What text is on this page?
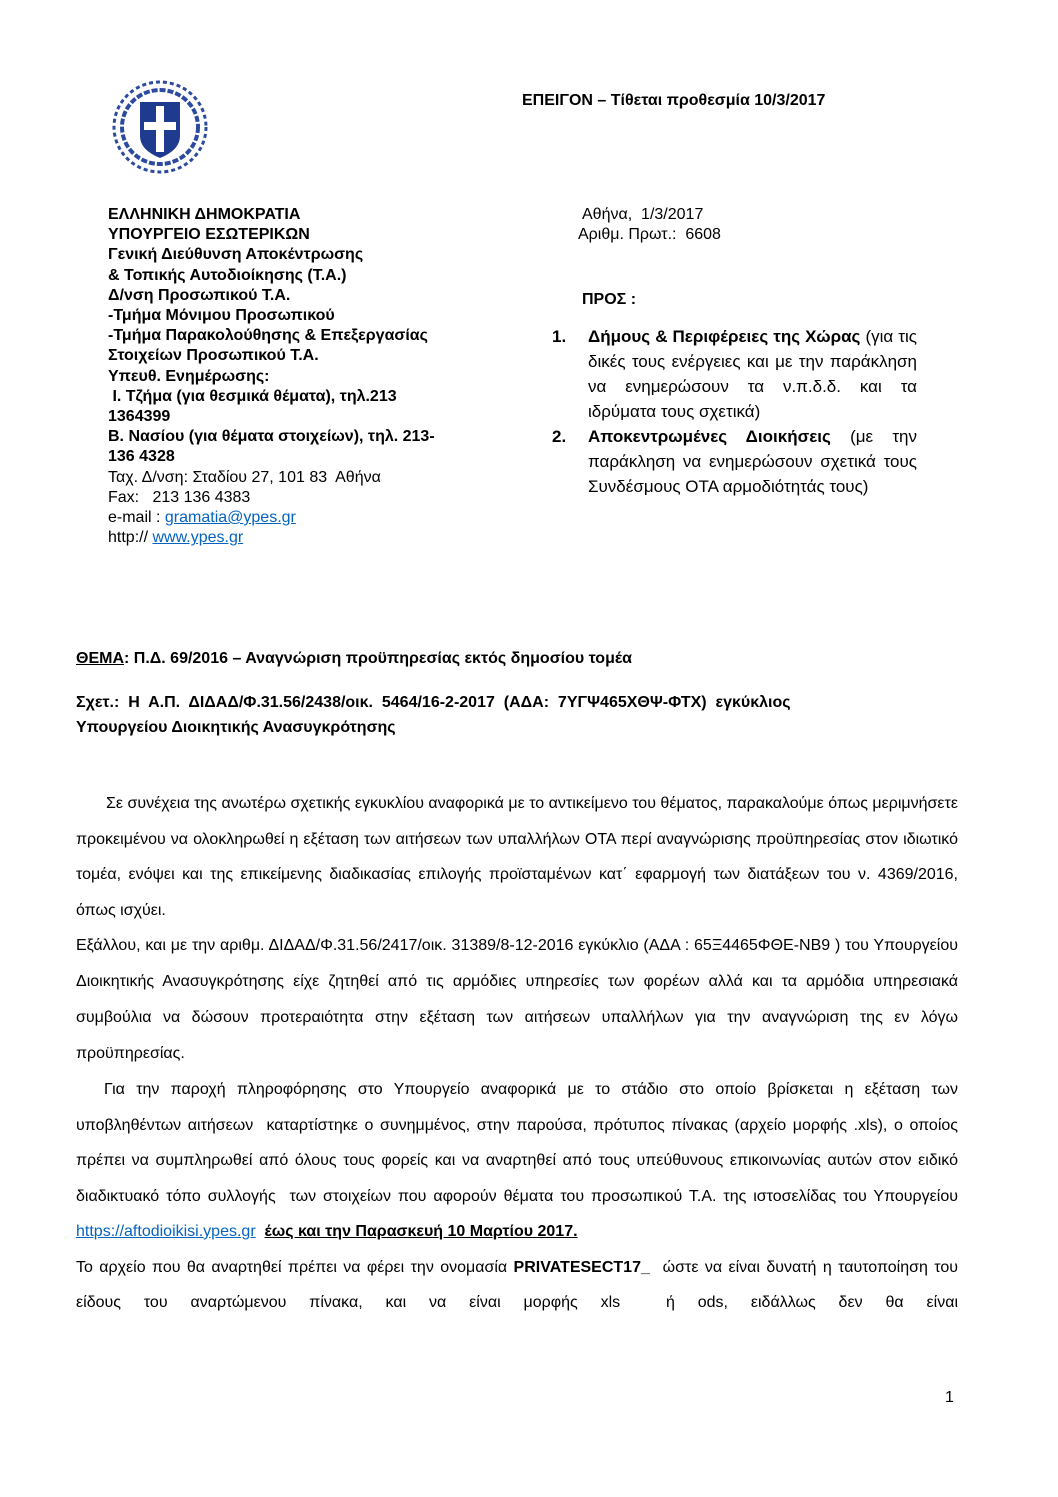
ΕΠΕΙΓΟΝ – Τίθεται προθεσμία 10/3/2017
ΕΛΛΗΝΙΚΗ ΔΗΜΟΚΡΑΤΙΑ
ΥΠΟΥΡΓΕΙΟ ΕΣΩΤΕΡΙΚΩΝ
Γενική Διεύθυνση Αποκέντρωσης
& Τοπικής Αυτοδιοίκησης (Τ.Α.)
Δ/νση Προσωπικού Τ.Α.
-Τμήμα Μόνιμου Προσωπικού
-Τμήμα Παρακολούθησης & Επεξεργασίας
Στοιχείων Προσωπικού Τ.Α.
Υπευθ. Ενημέρωσης:
Ι. Τζήμα (για θεσμικά θέματα), τηλ.213
1364399
Β. Νασίου (για θέματα στοιχείων), τηλ. 213-
136 4328
Ταχ. Δ/νση: Σταδίου 27, 101 83  Αθήνα
Fax:   213 136 4383
e-mail : gramatia@ypes.gr
http:// www.ypes.gr
Αθήνα,  1/3/2017
Αριθμ. Πρωτ.:  6608
ΠΡΟΣ :
1. Δήμους & Περιφέρειες της Χώρας (για τις δικές τους ενέργειες και με την παράκληση να ενημερώσουν τα ν.π.δ.δ. και τα ιδρύματα τους σχετικά)
2. Αποκεντρωμένες Διοικήσεις (με την παράκληση να ενημερώσουν σχετικά τους Συνδέσμους ΟΤΑ αρμοδιότητάς τους)
ΘΕΜΑ: Π.Δ. 69/2016 – Αναγνώριση προϋπηρεσίας εκτός δημοσίου τομέα
Σχετ.:  Η  Α.Π.  ΔΙΔΑΔ/Φ.31.56/2438/οικ.  5464/16-2-2017  (ΑΔΑ:  7ΥΓΨ465ΧΘΨ-ΦΤΧ)  εγκύκλιος
Υπουργείου Διοικητικής Ανασυγκρότησης

Σε συνέχεια της ανωτέρω σχετικής εγκυκλίου αναφορικά με το αντικείμενο του θέματος, παρακαλούμε όπως μεριμνήσετε προκειμένου να ολοκληρωθεί η εξέταση των αιτήσεων των υπαλλήλων ΟΤΑ περί αναγνώρισης προϋπηρεσίας στον ιδιωτικό τομέα, ενόψει και της επικείμενης διαδικασίας επιλογής προϊσταμένων κατ΄ εφαρμογή των διατάξεων του ν. 4369/2016, όπως ισχύει.

Εξάλλου, και με την αριθμ. ΔΙΔΑΔ/Φ.31.56/2417/οικ. 31389/8-12-2016 εγκύκλιο (ΑΔΑ : 65Ξ4465ΦΘΕ-ΝΒ9 ) του Υπουργείου Διοικητικής Ανασυγκρότησης είχε ζητηθεί από τις αρμόδιες υπηρεσίες των φορέων αλλά και τα αρμόδια υπηρεσιακά συμβούλια να δώσουν προτεραιότητα στην εξέταση των αιτήσεων υπαλλήλων για την αναγνώριση της εν λόγω προϋπηρεσίας.

Για την παροχή πληροφόρησης στο Υπουργείο αναφορικά με το στάδιο στο οποίο βρίσκεται η εξέταση των υποβληθέντων αιτήσεων  καταρτίστηκε ο συνημμένος, στην παρούσα, πρότυπος πίνακας (αρχείο μορφής .xls), ο οποίος πρέπει να συμπληρωθεί από όλους τους φορείς και να αναρτηθεί από τους υπεύθυνους επικοινωνίας αυτών στον ειδικό διαδικτυακό τόπο συλλογής  των στοιχείων που αφορούν θέματα του προσωπικού Τ.Α. της ιστοσελίδας του Υπουργείου  https://aftodioikisi.ypes.gr έως και την Παρασκευή 10 Μαρτίου 2017.

Το αρχείο που θα αναρτηθεί πρέπει να φέρει την ονομασία PRIVATESECT17_  ώστε να είναι δυνατή η ταυτοποίηση του είδους του αναρτώμενου πίνακα, και να είναι μορφής xls  ή ods, ειδάλλως δεν θα είναι

1
